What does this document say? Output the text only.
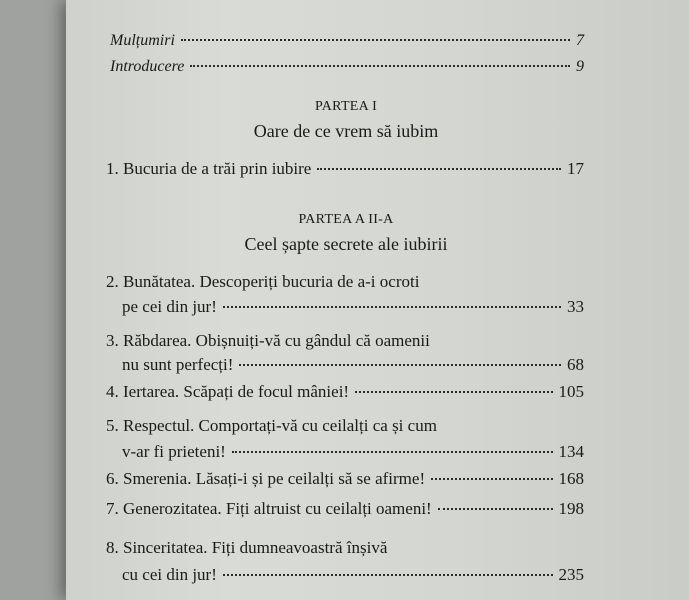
Mulțumiri	7
Introducere	9
PARTEA I
Oare de ce vrem să iubim
1. Bucuria de a trăi prin iubire	17
PARTEA A II-A
Ceel șapte secrete ale iubirii
2. Bunătatea. Descoperiți bucuria de a-i ocroti
pe cei din jur!	33
3. Răbdarea. Obișnuiți-vă cu gândul că oamenii
nu sunt perfecți!	68
4. Iertarea. Scăpați de focul mâniei!	105
5. Respectul. Comportați-vă cu ceilalți ca și cum
v-ar fi prieteni!	134
6. Smerenia. Lăsați-i și pe ceilalți să se afirme!	168
7. Generozitatea. Fiți altruist cu ceilalți oameni!	198
8. Sinceritatea. Fiți dumneavoastră înșivă
cu cei din jur!	235
